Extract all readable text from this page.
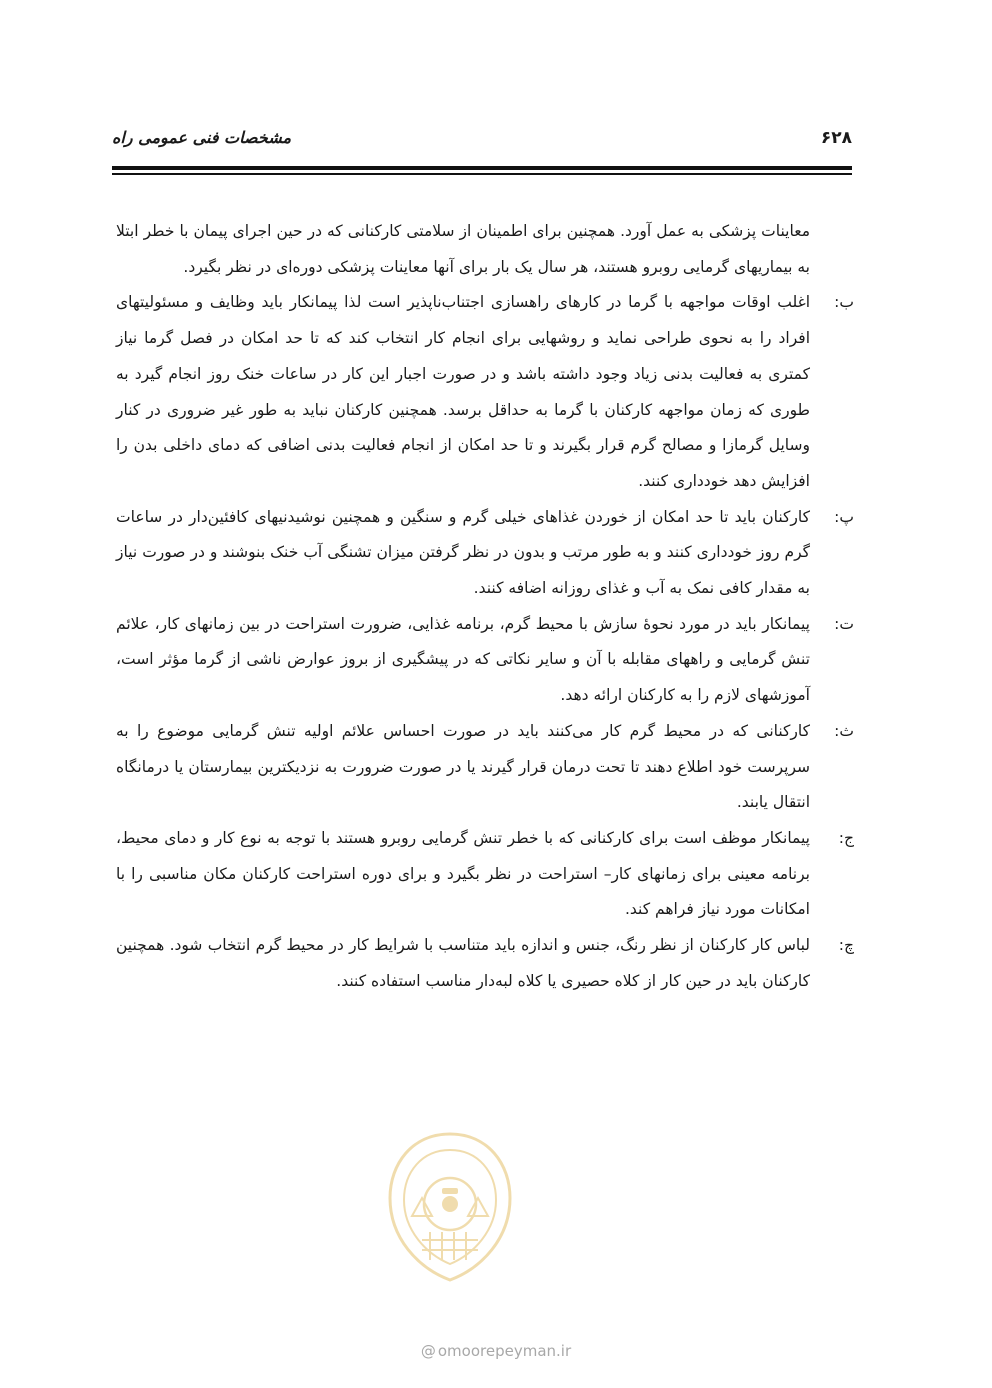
۶۲۸
مشخصات فنی عمومی راه

معاینات پزشکی به عمل آورد. همچنین برای اطمینان از سلامتی کارکنانی که در حین اجرای پیمان با خطر ابتلا به بیماریهای گرمایی روبرو هستند، هر سال یک بار برای آنها معاینات پزشکی دوره‌ای در نظر بگیرد.

ب:

اغلب اوقات مواجهه با گرما در کارهای راهسازی اجتناب‌ناپذیر است لذا پیمانکار باید وظایف و مسئولیتهای افراد را به نحوی طراحی نماید و روشهایی برای انجام کار انتخاب کند که تا حد امکان در فصل گرما نیاز کمتری به فعالیت بدنی زیاد وجود داشته باشد و در صورت اجبار این کار در ساعات خنک روز انجام گیرد به طوری که زمان مواجهه کارکنان با گرما به حداقل برسد. همچنین کارکنان نباید به طور غیر ضروری در کنار وسایل گرمازا و مصالح گرم قرار بگیرند و تا حد امکان از انجام فعالیت بدنی اضافی که دمای داخلی بدن را افزایش دهد خودداری کنند.

پ:

کارکنان باید تا حد امکان از خوردن غذاهای خیلی گرم و سنگین و همچنین نوشیدنیهای کافئین‌دار در ساعات گرم روز خودداری کنند و به طور مرتب و بدون در نظر گرفتن میزان تشنگی آب خنک بنوشند و در صورت نیاز به مقدار کافی نمک به آب و غذای روزانه اضافه کنند.

ت:

پیمانکار باید در مورد نحوۀ سازش با محیط گرم، برنامه غذایی، ضرورت استراحت در بین زمانهای کار، علائم تنش گرمایی و راههای مقابله با آن و سایر نکاتی که در پیشگیری از بروز عوارض ناشی از گرما مؤثر است، آموزشهای لازم را به کارکنان ارائه دهد.

ث:

کارکنانی که در محیط گرم کار می‌کنند باید در صورت احساس علائم اولیه تنش گرمایی موضوع را به سرپرست خود اطلاع دهند تا تحت درمان قرار گیرند یا در صورت ضرورت به نزدیکترین بیمارستان یا درمانگاه انتقال یابند.

ج:

پیمانکار موظف است برای کارکنانی که با خطر تنش گرمایی روبرو هستند با توجه به نوع کار و دمای محیط، برنامه معینی برای زمانهای کار– استراحت در نظر بگیرد و برای دوره استراحت کارکنان مکان مناسبی را با امکانات مورد نیاز فراهم کند.

چ:

لباس کار کارکنان از نظر رنگ، جنس و اندازه باید متناسب با شرایط کار در محیط گرم انتخاب شود. همچنین کارکنان باید در حین کار از کلاه حصیری یا کلاه لبه‌دار مناسب استفاده کنند.

@ omoorepeyman.ir
